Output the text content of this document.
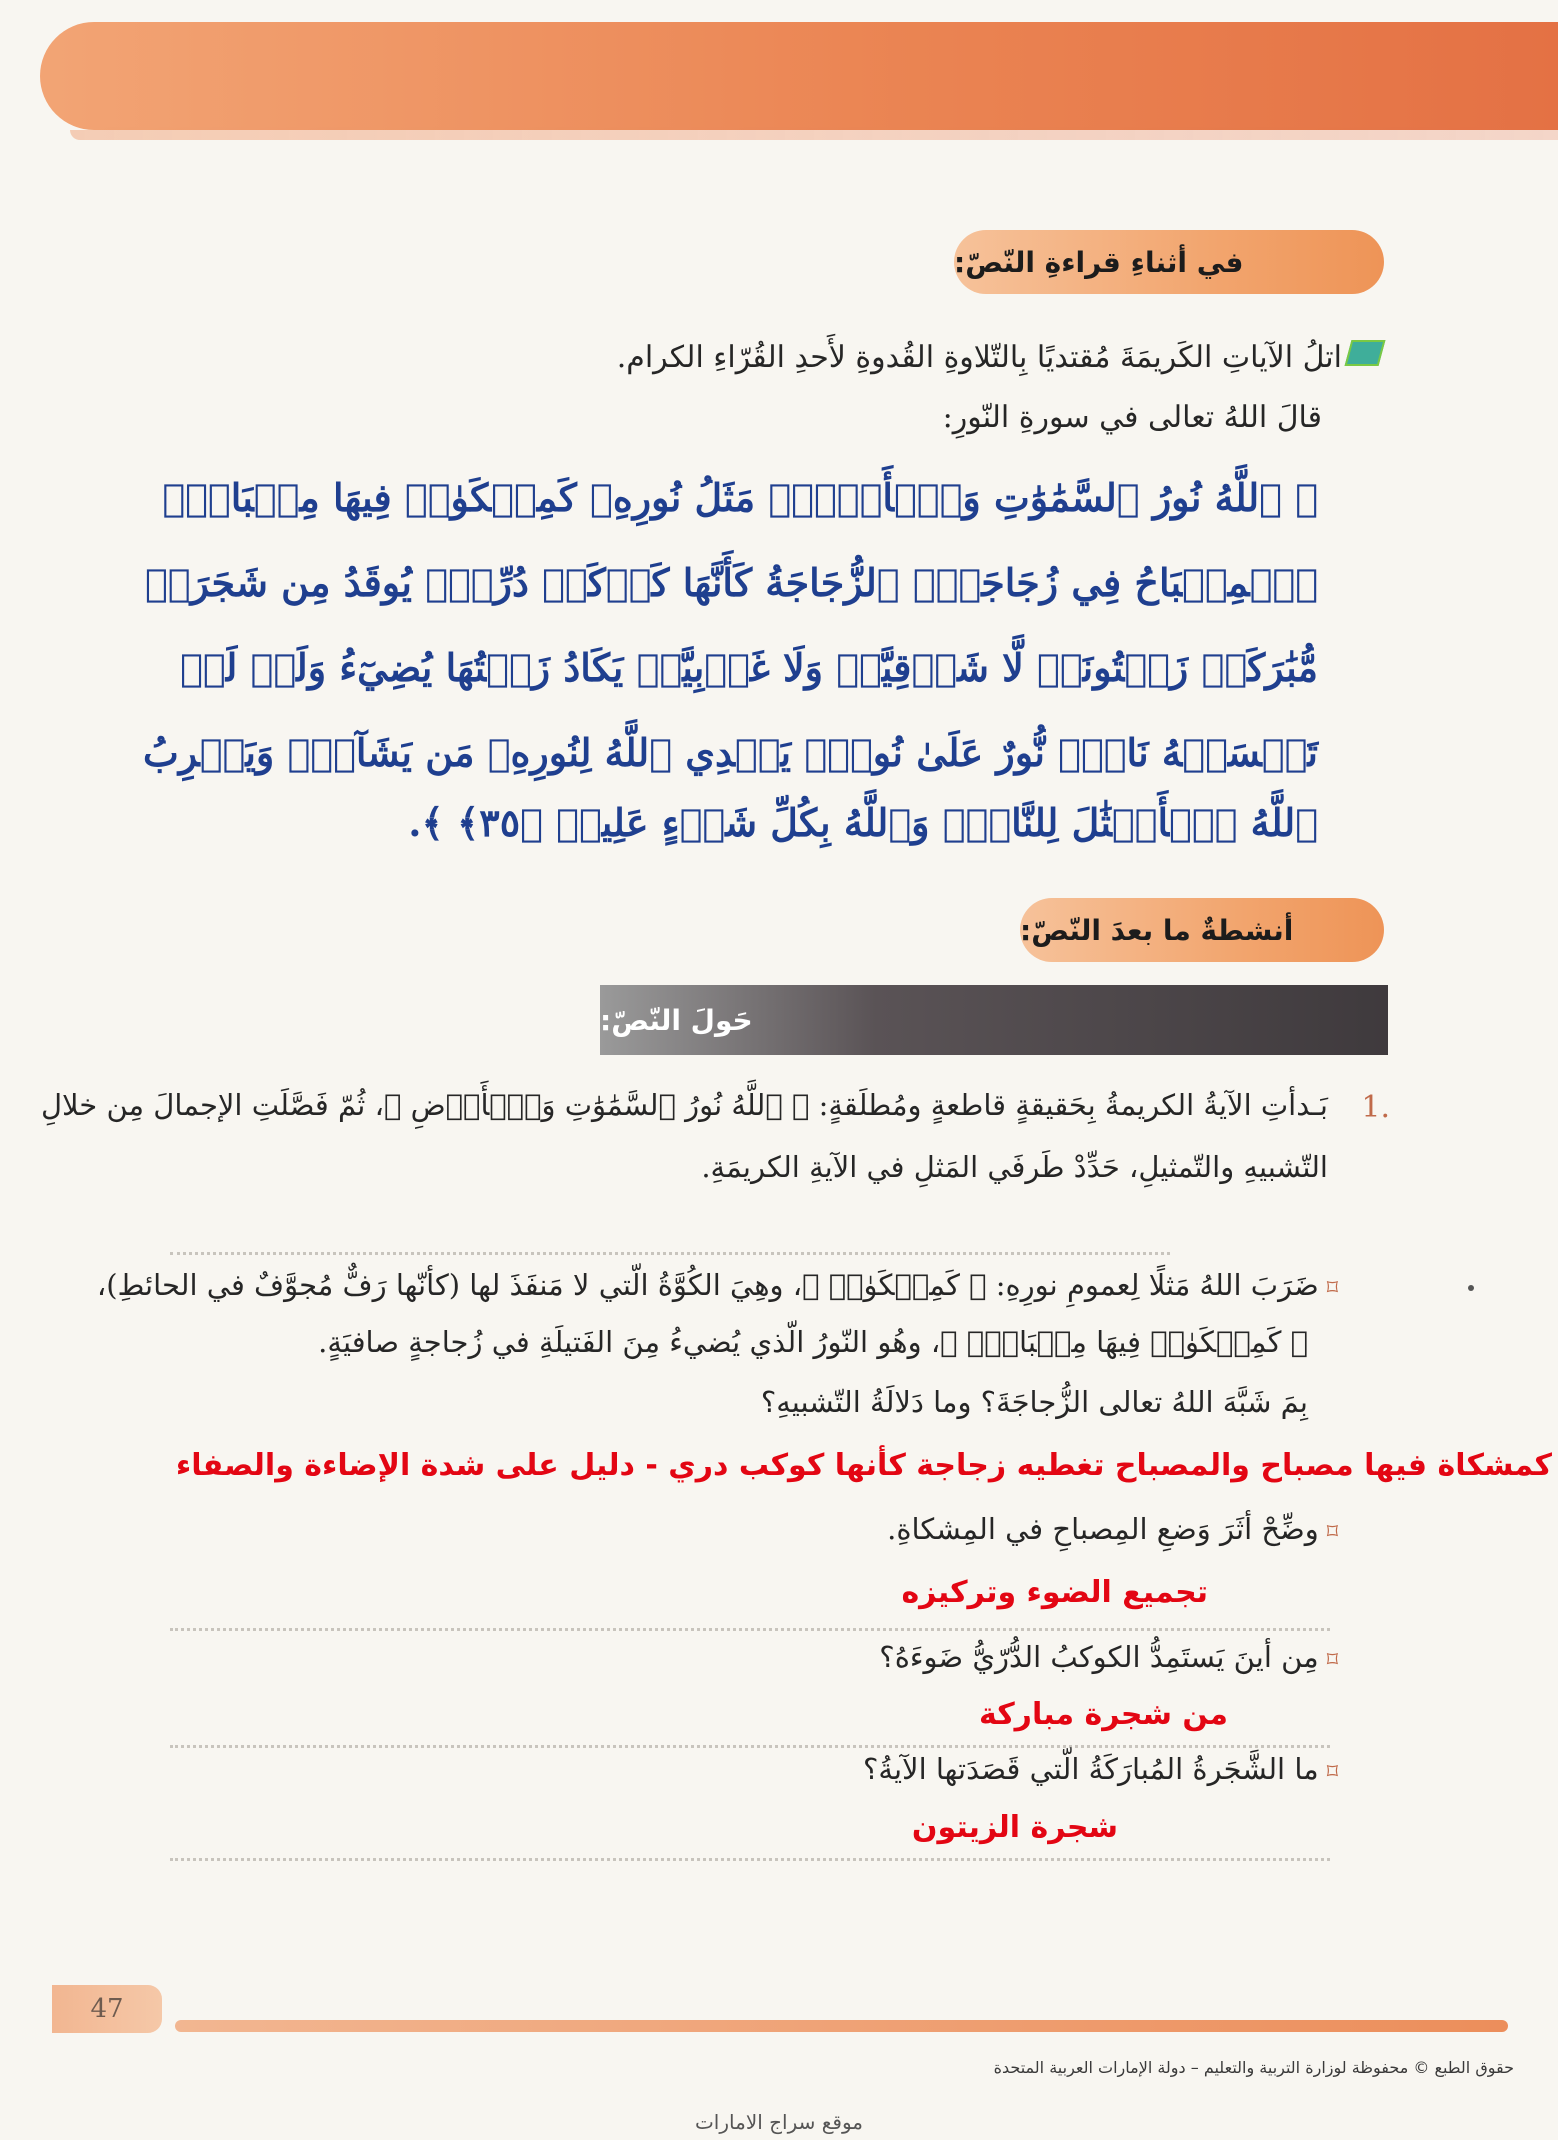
في أثناءِ قراءةِ النّصّ:
اتلُ الآياتِ الكَريمَةَ مُقتديًا بِالتّلاوةِ القُدوةِ لأَحدِ القُرّاءِ الكرام.
قالَ اللهُ تعالى في سورةِ النّورِ:
﴿ ٱللَّهُ نُورُ ٱلسَّمَٰوَٰتِ وَٱلۡأَرۡضِۚ مَثَلُ نُورِهِۦ كَمِشۡكَوٰةٖ فِيهَا مِصۡبَاحٌۖ
ٱلۡمِصۡبَاحُ فِي زُجَاجَةٍۖ ٱلزُّجَاجَةُ كَأَنَّهَا كَوۡكَبٞ دُرِّيّٞ يُوقَدُ مِن شَجَرَةٖ
مُّبَٰرَكَةٖ زَيۡتُونَةٖ لَّا شَرۡقِيَّةٖ وَلَا غَرۡبِيَّةٖ يَكَادُ زَيۡتُهَا يُضِيٓءُ وَلَوۡ لَمۡ
تَمۡسَسۡهُ نَارٞۚ نُّورٌ عَلَىٰ نُورٖۚ يَهۡدِي ٱللَّهُ لِنُورِهِۦ مَن يَشَآءُۚ وَيَضۡرِبُ
ٱللَّهُ ٱلۡأَمۡثَٰلَ لِلنَّاسِۗ وَٱللَّهُ بِكُلِّ شَيۡءٍ عَلِيمٞ ﴿٣٥﴾ ﴾.
أنشطةٌ ما بعدَ النّصّ:
حَولَ النّصّ:
.1
بَـدأتِ الآيةُ الكريمةُ بِحَقيقةٍ قاطعةٍ ومُطلَقةٍ: ﴿ ٱللَّهُ نُورُ ٱلسَّمَٰوَٰتِ وَٱلۡأَرۡضِ ﴾، ثُمّ فَصَّلَتِ الإجمالَ مِن خلالِ
التّشبيهِ والتّمثيلِ، حَدِّدْ طَرفَي المَثلِ في الآيةِ الكريمَةِ.
⌑ضَرَبَ اللهُ مَثلًا لِعمومِ نورِهِ: ﴿ كَمِشۡكَوٰةٖ ﴾، وهِيَ الكُوَّةُ الّتي لا مَنفَذَ لها (كأنّها رَفٌّ مُجوَّفٌ في الحائطِ)،
﴿ كَمِشۡكَوٰةٖ فِيهَا مِصۡبَاحٌۖ ﴾، وهُو النّورُ الّذي يُضيءُ مِنَ الفَتيلَةِ في زُجاجةٍ صافيَةٍ.
بِمَ شَبَّهَ اللهُ تعالى الزُّجاجَةَ؟ وما دَلالَةُ التّشبيهِ؟
كمشكاة فيها مصباح والمصباح تغطيه زجاجة كأنها كوكب دري - دليل على شدة الإضاءة والصفاء
⌑وضِّحْ أثَرَ وَضعِ المِصباحِ في المِشكاةِ.
تجميع الضوء وتركيزه
⌑مِن أينَ يَستَمِدُّ الكوكبُ الدُّرّيُّ ضَوءَهُ؟
من شجرة مباركة
⌑ما الشَّجَرةُ المُبارَكَةُ الّتي قَصَدَتها الآيةُ؟
شجرة الزيتون
47
حقوق الطبع © محفوظة لوزارة التربية والتعليم – دولة الإمارات العربية المتحدة
موقع سراج الامارات
